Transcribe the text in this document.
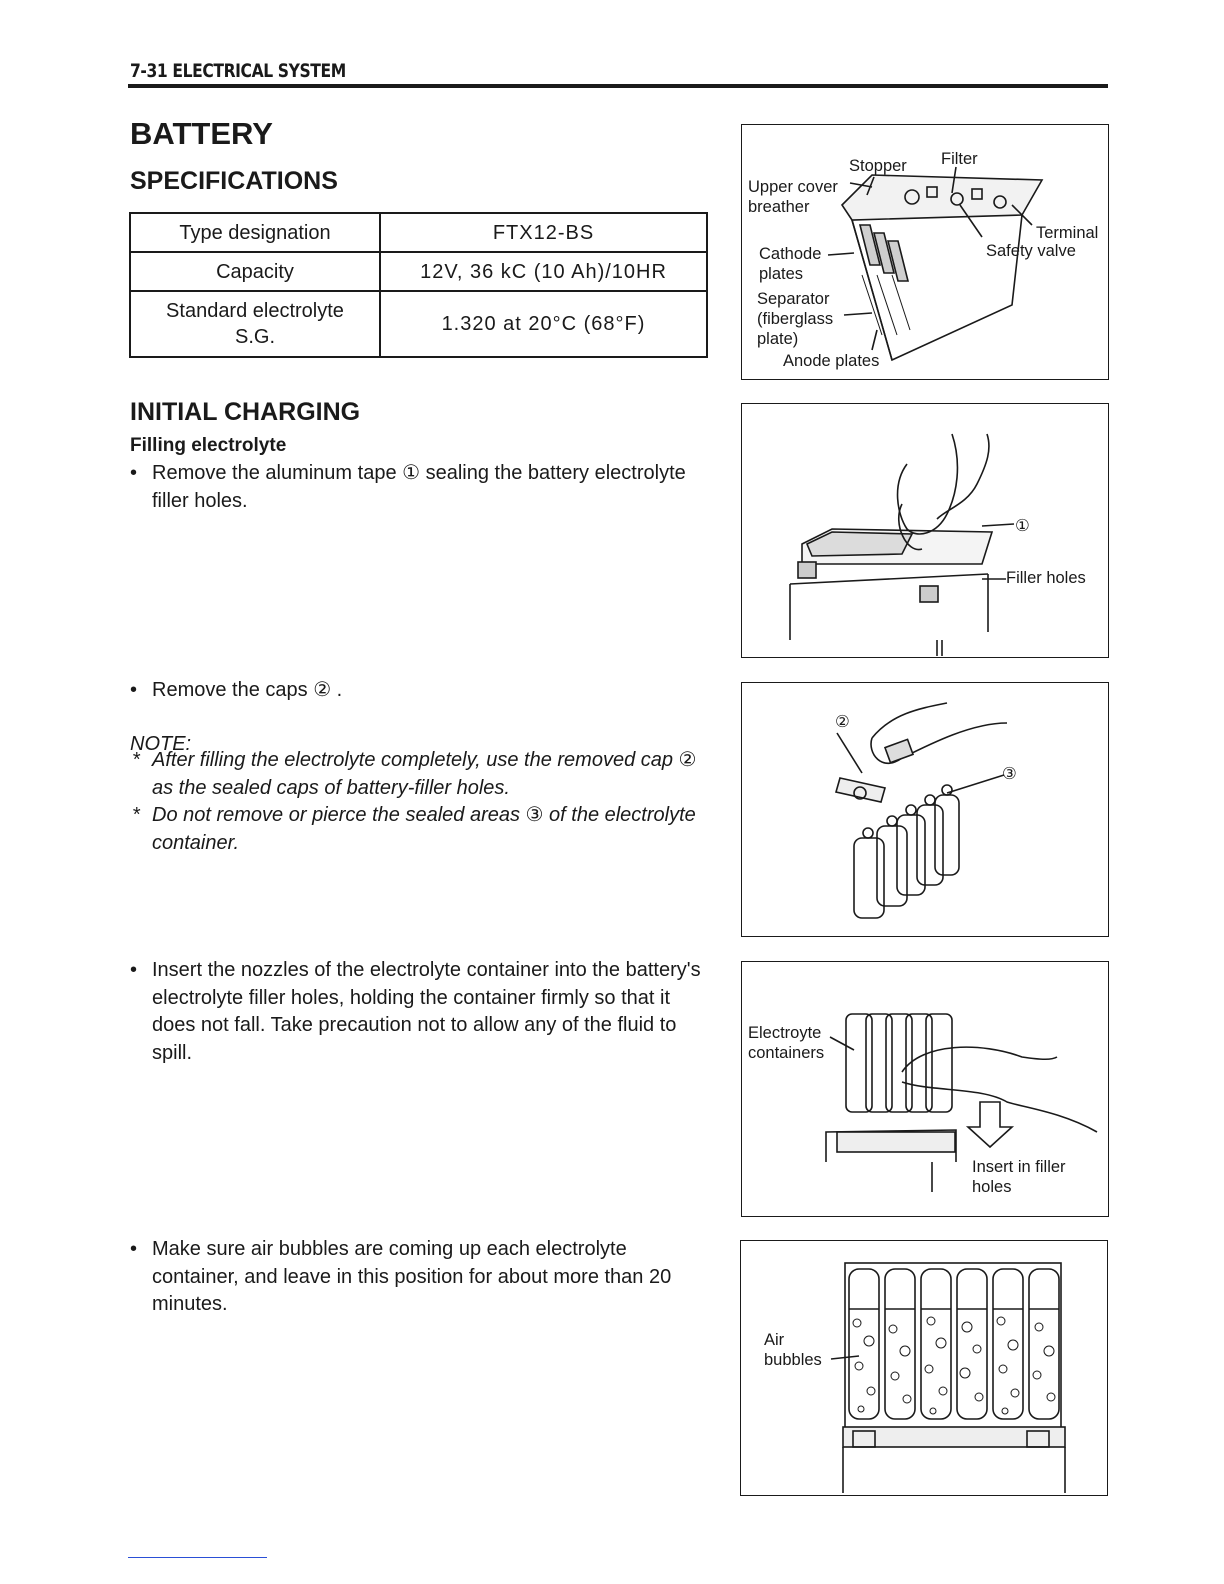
7-31 ELECTRICAL SYSTEM
BATTERY
SPECIFICATIONS
Type designation	FTX12-BS
Capacity	12V, 36 kC (10 Ah)/10HR
Standard electrolyte S.G.	1.320 at 20°C (68°F)
INITIAL CHARGING
Filling electrolyte
• Remove the aluminum tape ① sealing the battery electrolyte filler holes.
• Remove the caps ② .
NOTE:
* After filling the electrolyte completely, use the removed cap ② as the sealed caps of battery-filler holes.
* Do not remove or pierce the sealed areas ③ of the electrolyte container.
• Insert the nozzles of the electrolyte container into the battery's electrolyte filler holes, holding the container firmly so that it does not fall. Take precaution not to allow any of the fluid to spill.
• Make sure air bubbles are coming up each electrolyte container, and leave in this position for about more than 20 minutes.
Stopper Filter
Upper cover breather
Terminal
Safety valve
Cathode plates
Separator (fiberglass plate)
Anode plates
①
Filler holes
②
③
Electroyte containers
Insert in filler holes
Air bubbles
